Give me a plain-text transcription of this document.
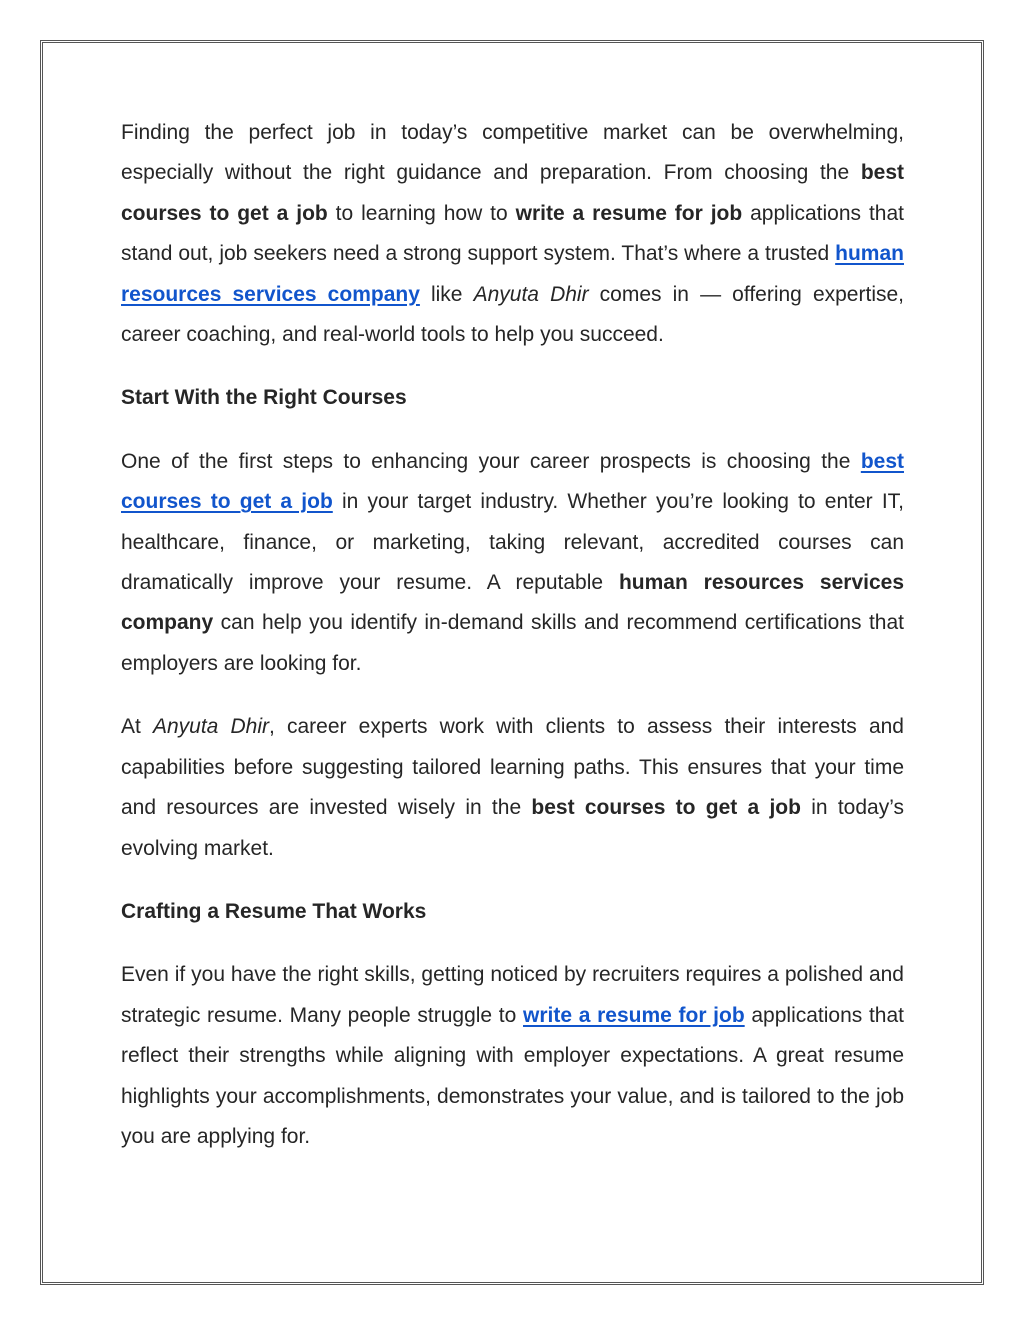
Finding the perfect job in today’s competitive market can be overwhelming, especially without the right guidance and preparation. From choosing the best courses to get a job to learning how to write a resume for job applications that stand out, job seekers need a strong support system. That’s where a trusted human resources services company like Anyuta Dhir comes in — offering expertise, career coaching, and real-world tools to help you succeed.

Start With the Right Courses

One of the first steps to enhancing your career prospects is choosing the best courses to get a job in your target industry. Whether you’re looking to enter IT, healthcare, finance, or marketing, taking relevant, accredited courses can dramatically improve your resume. A reputable human resources services company can help you identify in-demand skills and recommend certifications that employers are looking for.

At Anyuta Dhir, career experts work with clients to assess their interests and capabilities before suggesting tailored learning paths. This ensures that your time and resources are invested wisely in the best courses to get a job in today’s evolving market.

Crafting a Resume That Works

Even if you have the right skills, getting noticed by recruiters requires a polished and strategic resume. Many people struggle to write a resume for job applications that reflect their strengths while aligning with employer expectations. A great resume highlights your accomplishments, demonstrates your value, and is tailored to the job you are applying for.
